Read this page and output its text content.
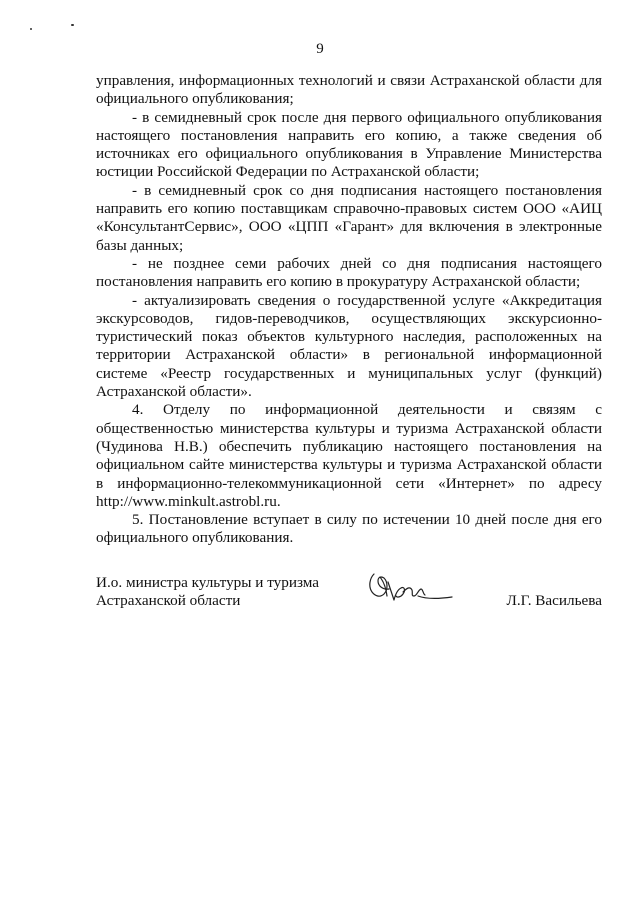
9

управления, информационных технологий и связи Астраханской области для официального опубликования;

- в семидневный срок после дня первого официального опубликования настоящего постановления направить его копию, а также сведения об источниках его официального опубликования в Управление Министерства юстиции Российской Федерации по Астраханской области;

- в семидневный срок со дня подписания настоящего постановления направить его копию поставщикам справочно-правовых систем ООО «АИЦ «КонсультантСервис», ООО «ЦПП «Гарант» для включения в электронные базы данных;

- не позднее семи рабочих дней со дня подписания настоящего постановления направить его копию в прокуратуру Астраханской области;

- актуализировать сведения о государственной услуге «Аккредитация экскурсоводов, гидов-переводчиков, осуществляющих экскурсионно-туристический показ объектов культурного наследия, расположенных на территории Астраханской области» в региональной информационной системе «Реестр государственных и муниципальных услуг (функций) Астраханской области».

4. Отделу по информационной деятельности и связям с общественностью министерства культуры и туризма Астраханской области (Чудинова Н.В.) обеспечить публикацию настоящего постановления на официальном сайте министерства культуры и туризма Астраханской области в информационно-телекоммуникационной сети «Интернет» по адресу http://www.minkult.astrobl.ru.

5. Постановление вступает в силу по истечении 10 дней после дня его официального опубликования.

И.о. министра культуры и туризма
Астраханской области	Л.Г. Васильева
